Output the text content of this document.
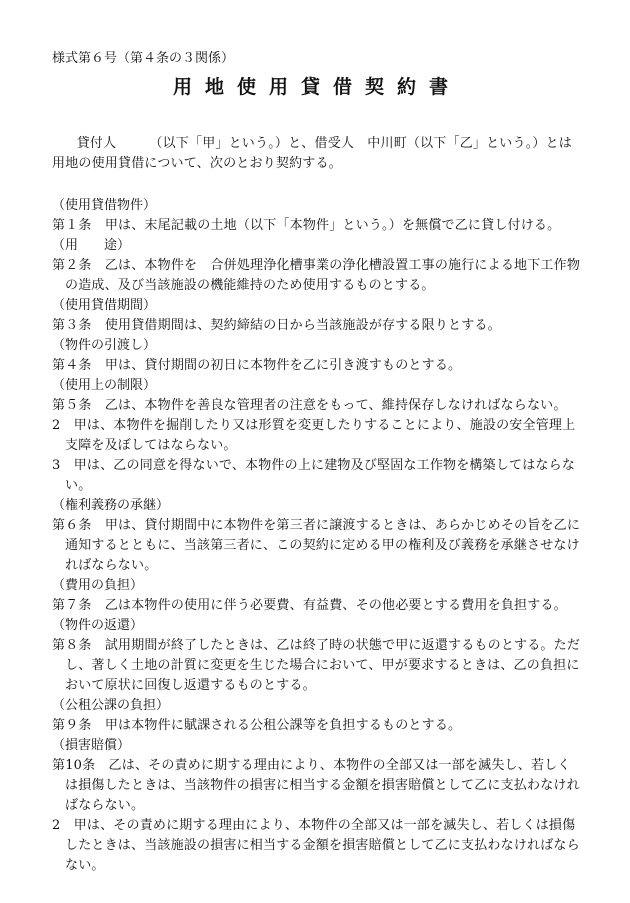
様式第６号（第４条の３関係）

用地使用貸借契約書

貸付人　　　（以下「甲」という。）と、借受人　中川町（以下「乙」という。）とは用地の使用貸借について、次のとおり契約する。

（使用貸借物件）

第１条　 甲は、末尾記載の土地（以下「本物件」という。）を無償で乙に貸し付ける。

（用　　途）

第２条　 乙は、本物件を　合併処理浄化槽事業の浄化槽設置工事の施行による地下工作物の造成、及び当該施設の機能維持のため使用するものとする。

（使用貸借期間）

第３条　 使用貸借期間は、契約締結の日から当該施設が存する限りとする。

（物件の引渡し）

第４条　 甲は、貸付期間の初日に本物件を乙に引き渡すものとする。

（使用上の制限）

第５条　 乙は、本物件を善良な管理者の注意をもって、維持保存しなければならない。

2　 甲は、本物件を掘削したり又は形質を変更したりすることにより、施設の安全管理上支障を及ぼしてはならない。

3　 甲は、乙の同意を得ないで、本物件の上に建物及び堅固な工作物を構築してはならない。

（権利義務の承継）

第６条　 甲は、貸付期間中に本物件を第三者に譲渡するときは、あらかじめその旨を乙に通知するとともに、当該第三者に、この契約に定める甲の権利及び義務を承継させなければならない。

（費用の負担）

第７条　 乙は本物件の使用に伴う必要費、有益費、その他必要とする費用を負担する。

（物件の返還）

第８条　 試用期間が終了したときは、乙は終了時の状態で甲に返還するものとする。ただし、著しく土地の計質に変更を生じた場合において、甲が要求するときは、乙の負担において原状に回復し返還するものとする。

（公租公課の負担）

第９条　 甲は本物件に賦課される公租公課等を負担するものとする。

（損害賠償）

第10条　 乙は、その責めに期する理由により、本物件の全部又は一部を滅失し、若しくは損傷したときは、当該物件の損害に相当する金額を損害賠償として乙に支払わなければならない。

2　 甲は、その責めに期する理由により、本物件の全部又は一部を滅失し、若しくは損傷したときは、当該施設の損害に相当する金額を損害賠償として乙に支払わなければならない。
